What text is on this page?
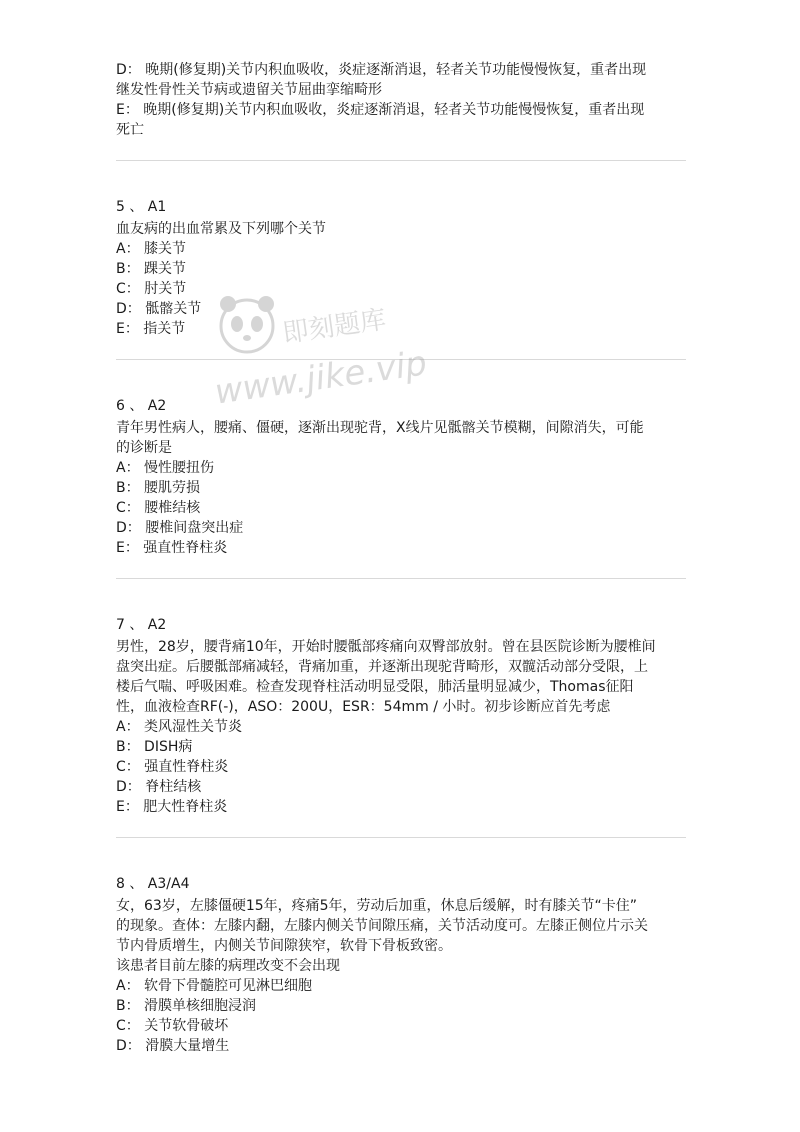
D： 晚期(修复期)关节内积血吸收，炎症逐渐消退，轻者关节功能慢慢恢复，重者出现

继发性骨性关节病或遗留关节屈曲挛缩畸形

E： 晚期(修复期)关节内积血吸收，炎症逐渐消退，轻者关节功能慢慢恢复，重者出现

死亡

5 、 A1

血友病的出血常累及下列哪个关节

A： 膝关节

B： 踝关节

C： 肘关节

D： 骶髂关节

E： 指关节

6 、 A2

青年男性病人，腰痛、僵硬，逐渐出现驼背，X线片见骶髂关节模糊，间隙消失，可能

的诊断是

A： 慢性腰扭伤

B： 腰肌劳损

C： 腰椎结核

D： 腰椎间盘突出症

E： 强直性脊柱炎

7 、 A2

男性，28岁，腰背痛10年，开始时腰骶部疼痛向双臀部放射。曾在县医院诊断为腰椎间

盘突出症。后腰骶部痛减轻，背痛加重，并逐渐出现驼背畸形，双髋活动部分受限，上

楼后气喘、呼吸困难。检查发现脊柱活动明显受限，肺活量明显减少，Thomas征阳

性，血液检查RF(-)，ASO：200U，ESR：54mm / 小时。初步诊断应首先考虑

A： 类风湿性关节炎

B： DISH病

C： 强直性脊柱炎

D： 脊柱结核

E： 肥大性脊柱炎

8 、 A3/A4

女，63岁，左膝僵硬15年，疼痛5年，劳动后加重，休息后缓解，时有膝关节“卡住”

的现象。查体：左膝内翻，左膝内侧关节间隙压痛，关节活动度可。左膝正侧位片示关

节内骨质增生，内侧关节间隙狭窄，软骨下骨板致密。

该患者目前左膝的病理改变不会出现

A： 软骨下骨髓腔可见淋巴细胞

B： 滑膜单核细胞浸润

C： 关节软骨破坏

D： 滑膜大量增生

即刻题库
www.jike.vip
